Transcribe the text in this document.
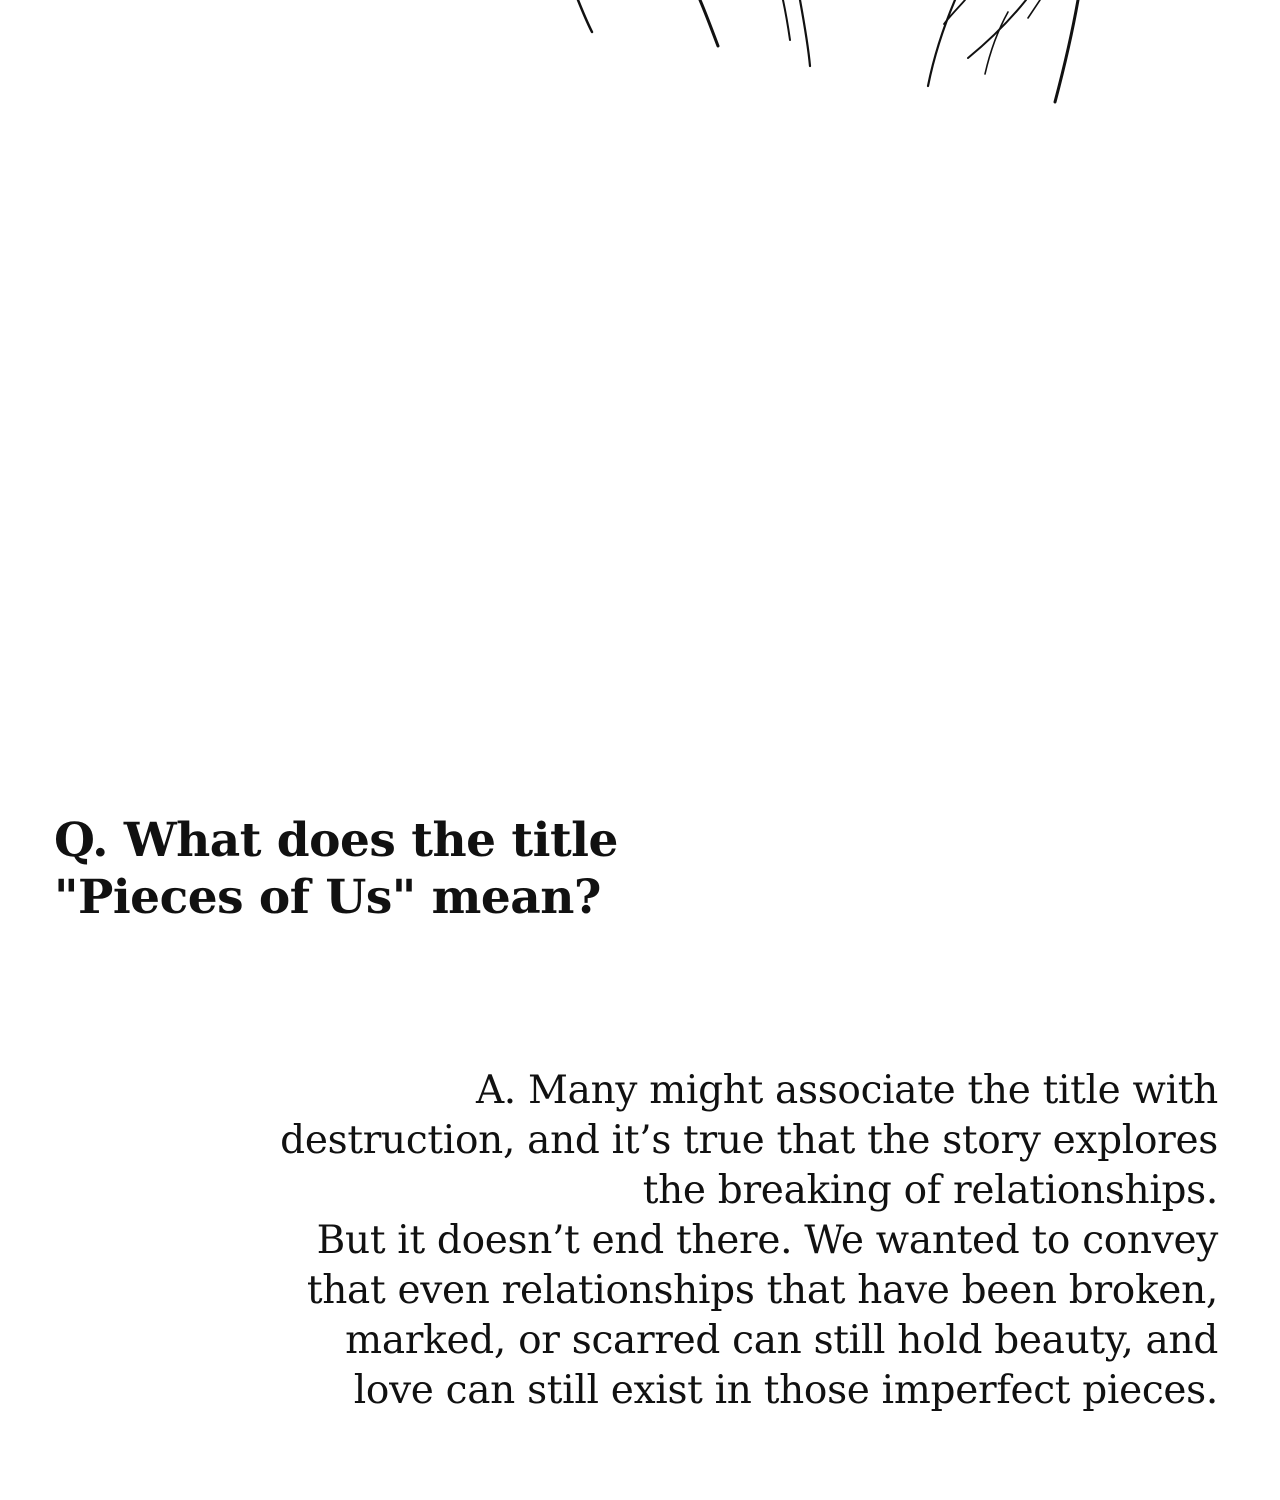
Q. What does the title
"Pieces of Us" mean?

A. Many might associate the title with
destruction, and it’s true that the story explores
the breaking of relationships.
But it doesn’t end there. We wanted to convey
that even relationships that have been broken,
marked, or scarred can still hold beauty, and
love can still exist in those imperfect pieces.
